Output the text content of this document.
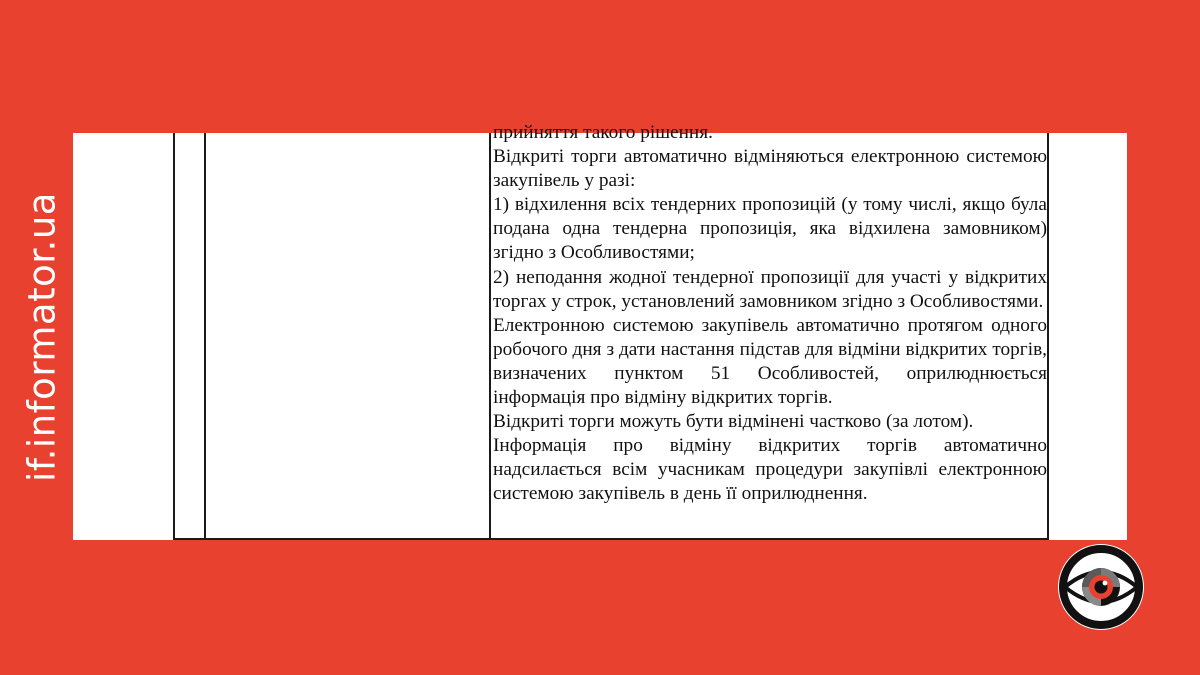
if.informator.ua

прийняття такого рішення.

Відкриті торги автоматично відміняються електронною системою закупівель у разі:

1) відхилення всіх тендерних пропозицій (у тому числі, якщо була подана одна тендерна пропозиція, яка відхилена замовником) згідно з Особливостями;

2) неподання жодної тендерної пропозиції для участі у відкритих торгах у строк, установлений замовником згідно з Особливостями.

Електронною системою закупівель автоматично протягом одного робочого дня з дати настання підстав для відміни відкритих торгів, визначених пунктом 51 Особливостей, оприлюднюється інформація про відміну відкритих торгів.

Відкриті торги можуть бути відмінені частково (за лотом).

Інформація про відміну відкритих торгів автоматично надсилається всім учасникам процедури закупівлі електронною системою закупівель в день її оприлюднення.
